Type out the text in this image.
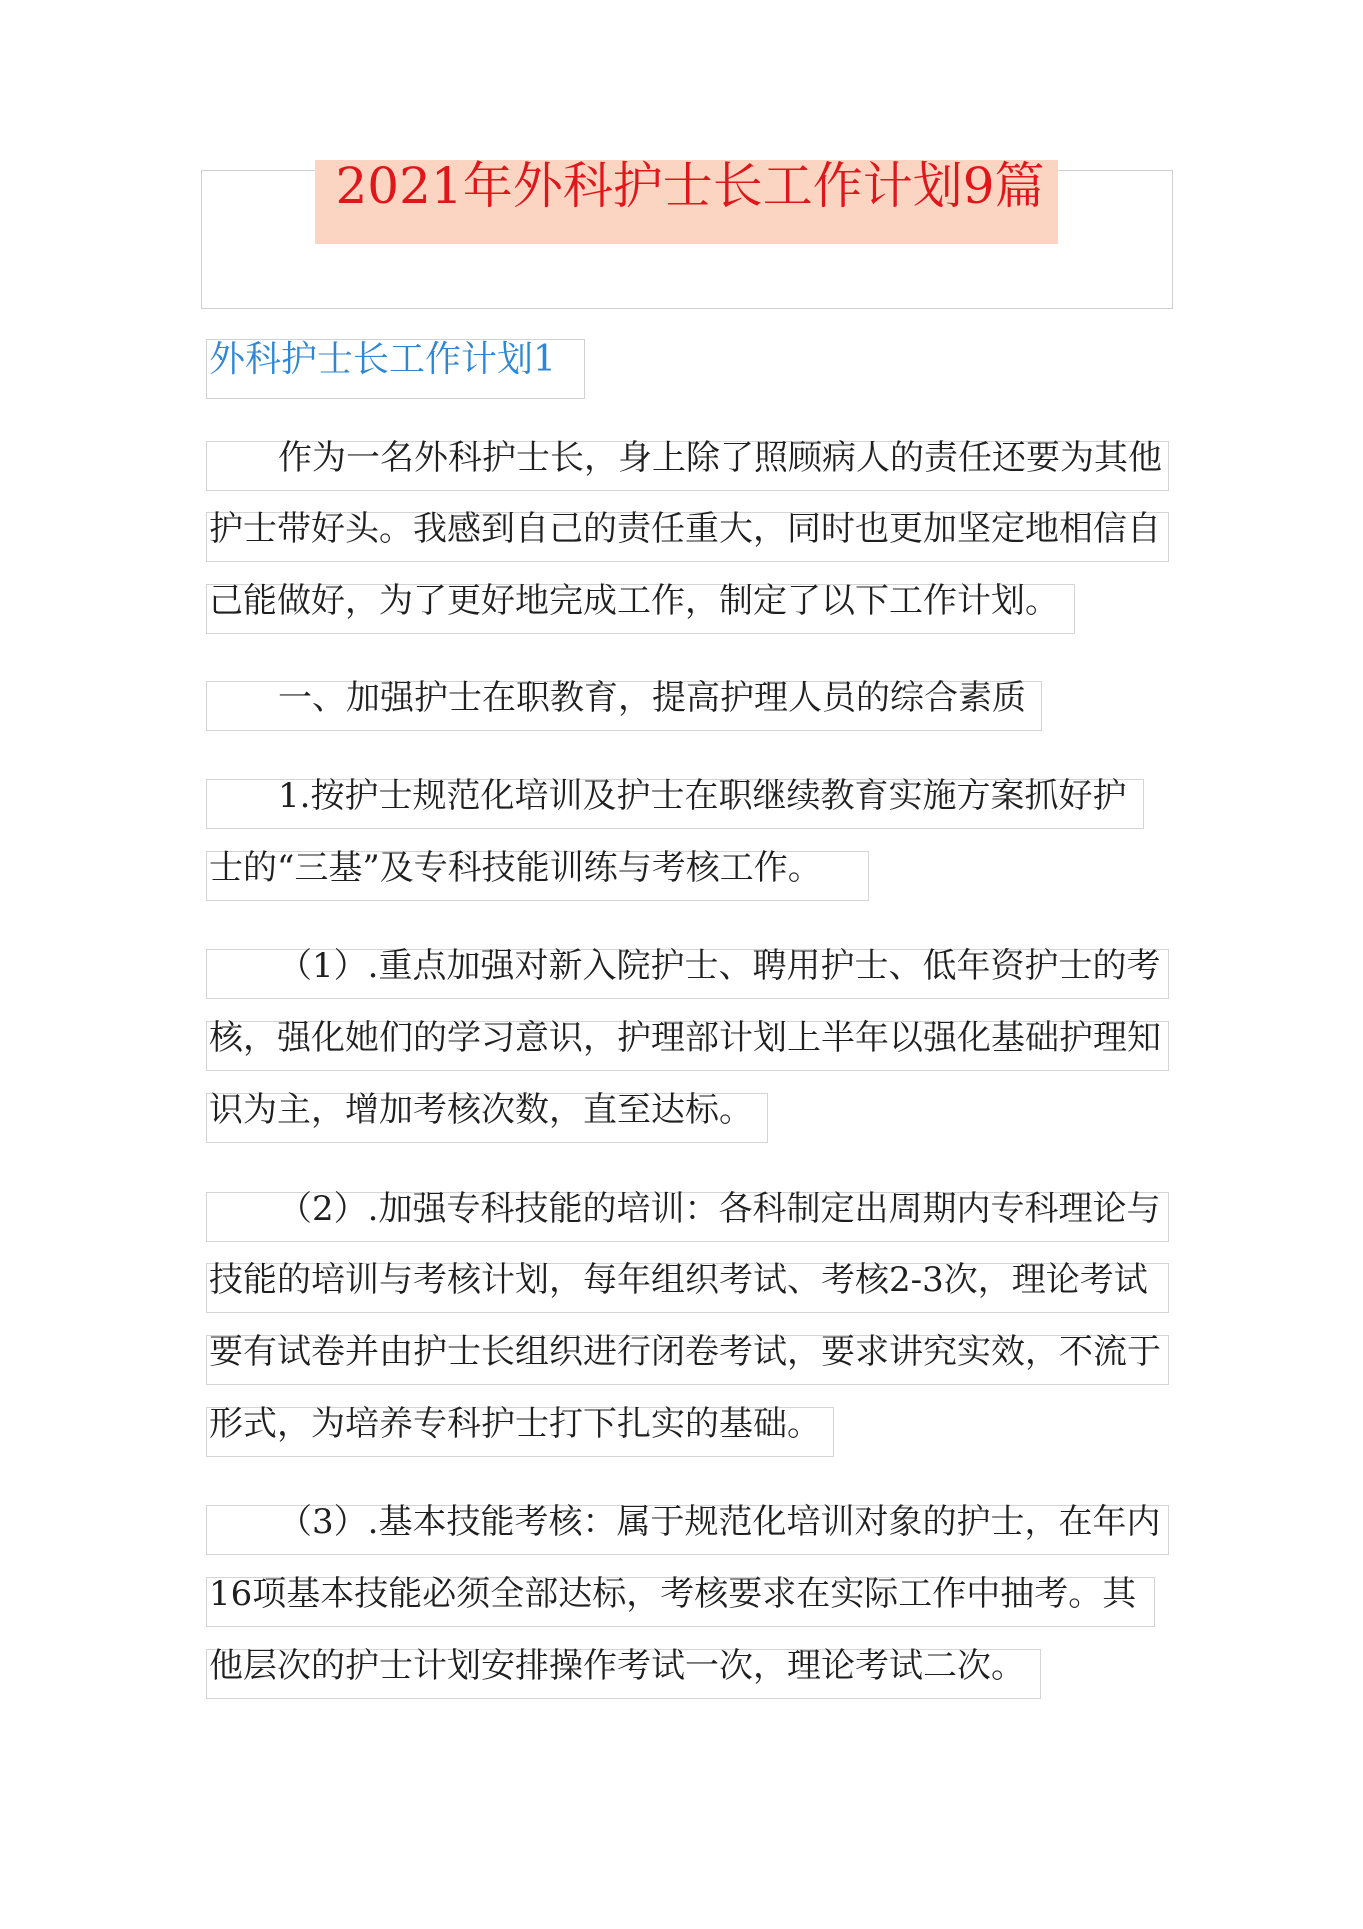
2021年外科护士长工作计划9篇
外科护士长工作计划1
作为一名外科护士长，身上除了照顾病人的责任还要为其他
护士带好头。我感到自己的责任重大，同时也更加坚定地相信自
己能做好，为了更好地完成工作，制定了以下工作计划。
一、加强护士在职教育，提高护理人员的综合素质
1.按护士规范化培训及护士在职继续教育实施方案抓好护
士的“三基”及专科技能训练与考核工作。
（1）.重点加强对新入院护士、聘用护士、低年资护士的考
核，强化她们的学习意识，护理部计划上半年以强化基础护理知
识为主，增加考核次数，直至达标。
（2）.加强专科技能的培训：各科制定出周期内专科理论与
技能的培训与考核计划，每年组织考试、考核2-3次，理论考试
要有试卷并由护士长组织进行闭卷考试，要求讲究实效，不流于
形式，为培养专科护士打下扎实的基础。
（3）.基本技能考核：属于规范化培训对象的护士，在年内
16项基本技能必须全部达标，考核要求在实际工作中抽考。其
他层次的护士计划安排操作考试一次，理论考试二次。
